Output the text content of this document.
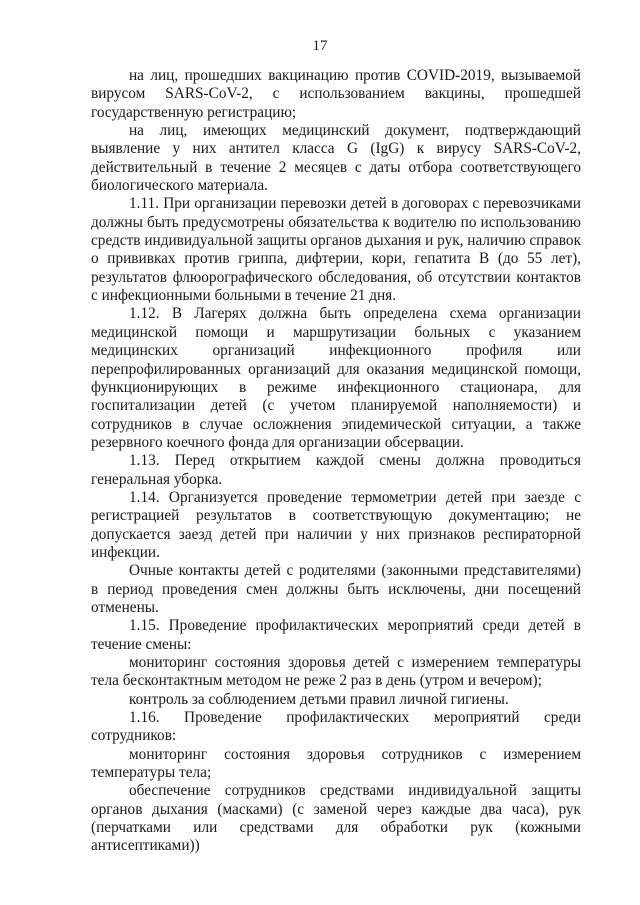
17

на лиц, прошедших вакцинацию против COVID-2019, вызываемой вирусом SARS-CoV-2, с использованием вакцины, прошедшей государственную регистрацию;

на лиц, имеющих медицинский документ, подтверждающий выявление у них антител класса G (IgG) к вирусу SARS-CoV-2, действительный в течение 2 месяцев с даты отбора соответствующего биологического материала.

1.11. При организации перевозки детей в договорах с перевозчиками должны быть предусмотрены обязательства к водителю по использованию средств индивидуальной защиты органов дыхания и рук, наличию справок о прививках против гриппа, дифтерии, кори, гепатита В (до 55 лет), результатов флюорографического обследования, об отсутствии контактов с инфекционными больными в течение 21 дня.

1.12. В Лагерях должна быть определена схема организации медицинской помощи и маршрутизации больных с указанием медицинских организаций инфекционного профиля или перепрофилированных организаций для оказания медицинской помощи, функционирующих в режиме инфекционного стационара, для госпитализации детей (с учетом планируемой наполняемости) и сотрудников в случае осложнения эпидемической ситуации, а также резервного коечного фонда для организации обсервации.

1.13. Перед открытием каждой смены должна проводиться генеральная уборка.

1.14. Организуется проведение термометрии детей при заезде с регистрацией результатов в соответствующую документацию; не допускается заезд детей при наличии у них признаков респираторной инфекции.

Очные контакты детей с родителями (законными представителями) в период проведения смен должны быть исключены, дни посещений отменены.

1.15. Проведение профилактических мероприятий среди детей в течение смены:

мониторинг состояния здоровья детей с измерением температуры тела бесконтактным методом не реже 2 раз в день (утром и вечером);

контроль за соблюдением детьми правил личной гигиены.

1.16. Проведение профилактических мероприятий среди сотрудников:

мониторинг состояния здоровья сотрудников с измерением температуры тела;

обеспечение сотрудников средствами индивидуальной защиты органов дыхания (масками) (с заменой через каждые два часа), рук (перчатками или средствами для обработки рук (кожными антисептиками))
